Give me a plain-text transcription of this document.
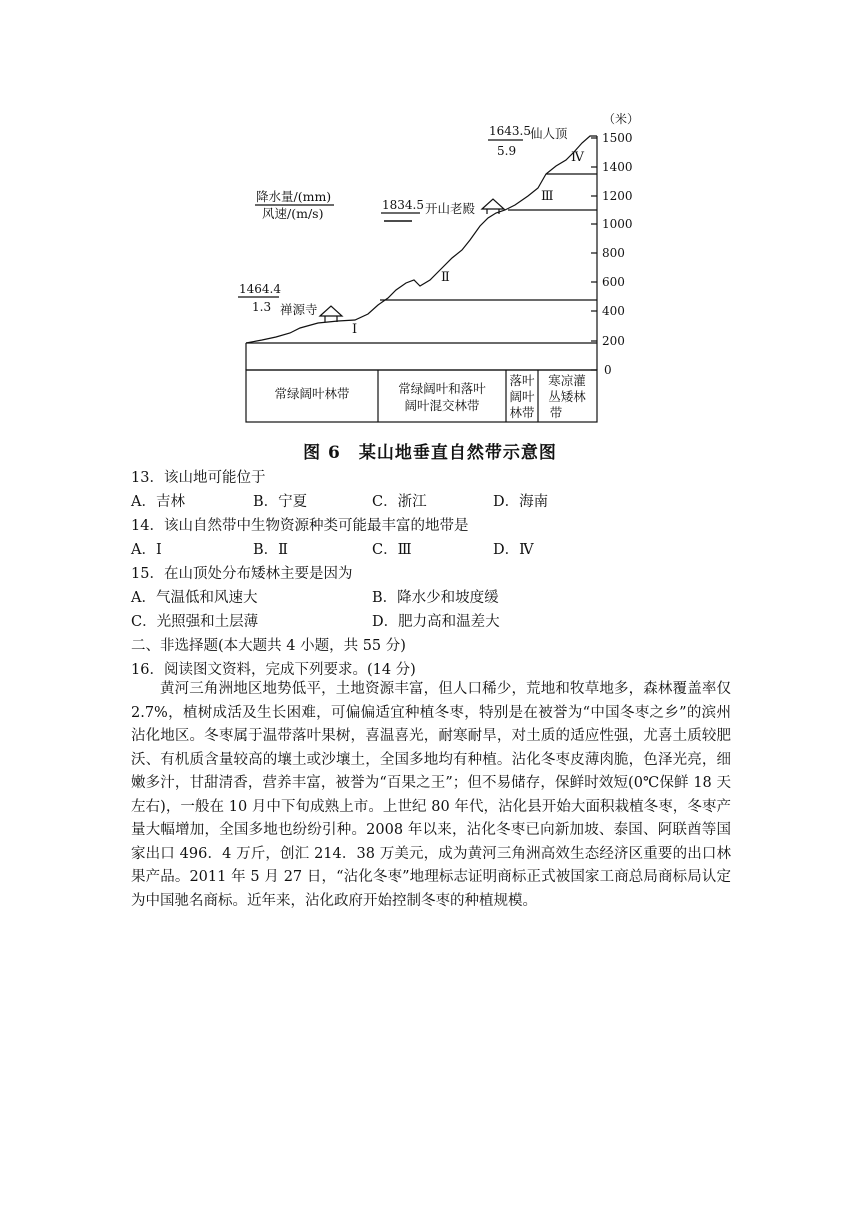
（米）
1500
1400
1200
1000
800
600
400
200
0
降水量/(mm)
风速/(m/s)
1464.4
1.3 禅源寺
1834.5 开山老殿
1643.5
5.9
仙人顶
Ⅰ
Ⅱ
Ⅲ
Ⅳ
常绿阔叶林带	常绿阔叶和落叶
阔叶混交林带
落叶
阔叶
林带
寒凉灌
丛矮林
带
图 6　某山地垂直自然带示意图
13．该山地可能位于
A．吉林	B．宁夏	C．浙江	D．海南
14．该山自然带中生物资源种类可能最丰富的地带是
A．Ⅰ	B．Ⅱ	C．Ⅲ	D．Ⅳ
15．在山顶处分布矮林主要是因为
A．气温低和风速大	B．降水少和坡度缓
C．光照强和土层薄	D．肥力高和温差大
二、非选择题(本大题共 4 小题，共 55 分)
16．阅读图文资料，完成下列要求。(14 分)
黄河三角洲地区地势低平，土地资源丰富，但人口稀少，荒地和牧草地多，森林覆盖率仅 2.7%，植树成活及生长困难，可偏偏适宜种植冬枣，特别是在被誉为“中国冬枣之乡”的滨州沾化地区。冬枣属于温带落叶果树，喜温喜光，耐寒耐旱，对土质的适应性强，尤喜土质较肥沃、有机质含量较高的壤土或沙壤土，全国多地均有种植。沾化冬枣皮薄肉脆，色泽光亮，细嫩多汁，甘甜清香，营养丰富，被誉为“百果之王”；但不易储存，保鲜时效短(0℃保鲜 18 天左右)，一般在 10 月中下旬成熟上市。上世纪 80 年代，沾化县开始大面积栽植冬枣，冬枣产量大幅增加，全国多地也纷纷引种。2008 年以来，沾化冬枣已向新加坡、泰国、阿联酋等国家出口 496．4 万斤，创汇 214．38 万美元，成为黄河三角洲高效生态经济区重要的出口林果产品。2011 年 5 月 27 日，“沾化冬枣”地理标志证明商标正式被国家工商总局商标局认定为中国驰名商标。近年来，沾化政府开始控制冬枣的种植规模。
